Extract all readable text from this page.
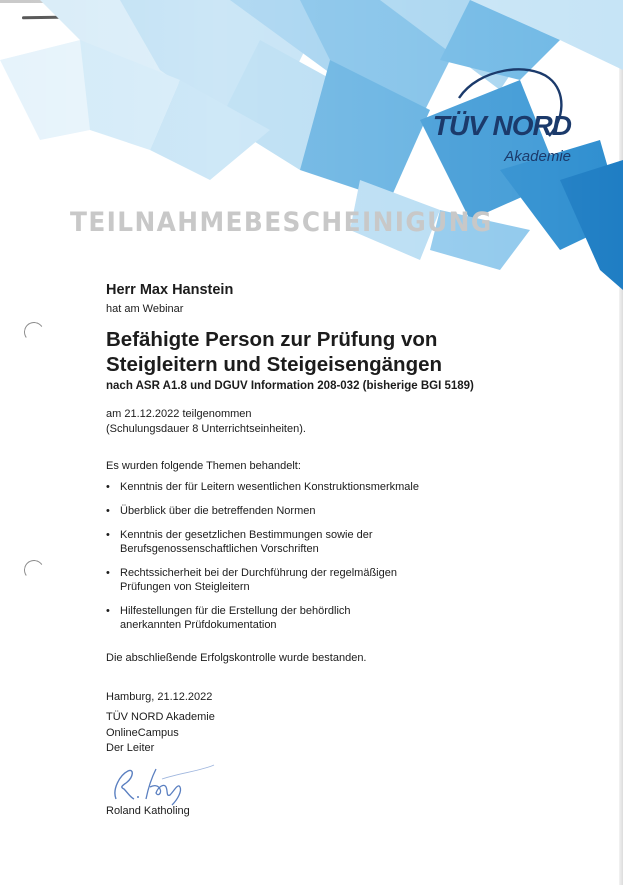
TÜV NORD
Akademie
TEILNAHMEBESCHEINIGUNG

Herr Max Hanstein

hat am Webinar

Befähigte Person zur Prüfung von
Steigleitern und Steigeisengängen

nach ASR A1.8 und DGUV Information 208-032 (bisherige BGI 5189)

am 21.12.2022 teilgenommen
(Schulungsdauer 8 Unterrichtseinheiten).

Es wurden folgende Themen behandelt:

• Kenntnis der für Leitern wesentlichen Konstruktionsmerkmale
• Überblick über die betreffenden Normen
• Kenntnis der gesetzlichen Bestimmungen sowie der
Berufsgenossenschaftlichen Vorschriften
• Rechtssicherheit bei der Durchführung der regelmäßigen
Prüfungen von Steigleitern
• Hilfestellungen für die Erstellung der behördlich
anerkannten Prüfdokumentation

Die abschließende Erfolgskontrolle wurde bestanden.

Hamburg, 21.12.2022

TÜV NORD Akademie
OnlineCampus
Der Leiter

Roland Katholing
